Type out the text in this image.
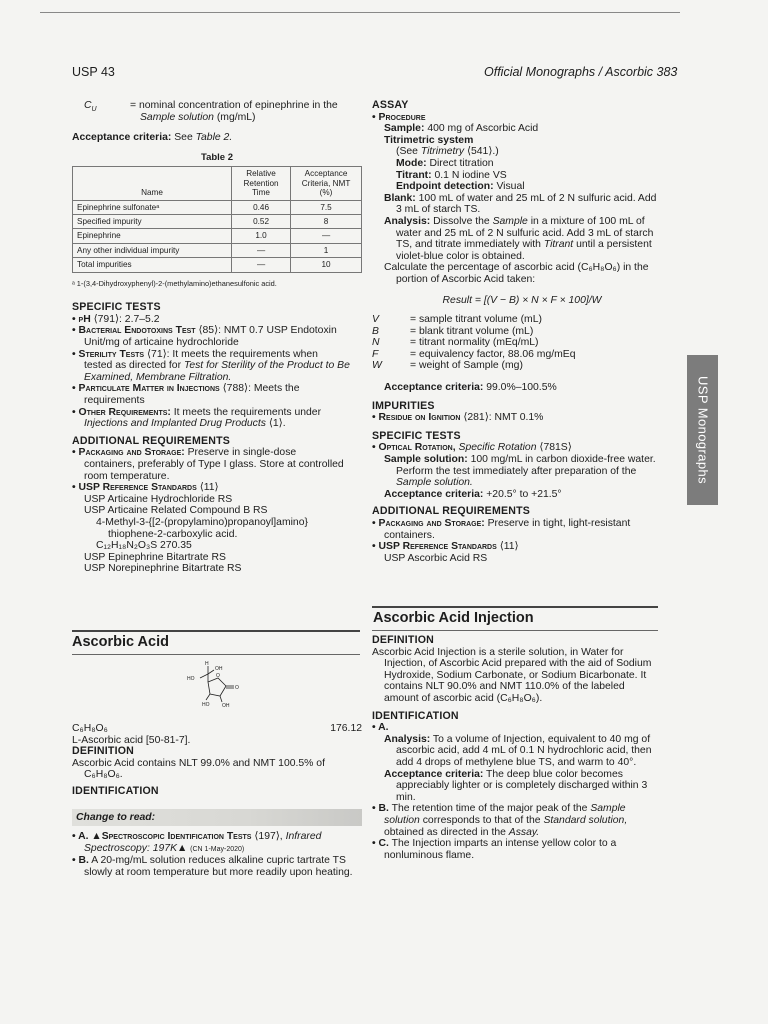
USP 43	Official Monographs / Ascorbic 383
USP Monographs
$C_U$	= nominal concentration of epinephrine in the
Sample solution (mg/mL)

Acceptance criteria: See Table 2.

Table 2

Name	Relative Retention Time	Acceptance Criteria, NMT (%)
Epinephrine sulfonateᵃ	0.46	7.5
Specified impurity	0.52	8
Epinephrine	1.0	—
Any other individual impurity	—	1
Total impurities	—	10

ᵃ 1-(3,4-Dihydroxyphenyl)-2-(methylamino)ethanesulfonic acid.

SPECIFIC TESTS

• pH ⟨791⟩: 2.7–5.2

• Bacterial Endotoxins Test ⟨85⟩: NMT 0.7 USP Endotoxin

Unit/mg of articaine hydrochloride

• Sterility Tests ⟨71⟩: It meets the requirements when

tested as directed for Test for Sterility of the Product to Be

Examined, Membrane Filtration.

• Particulate Matter in Injections ⟨788⟩: Meets the

requirements

• Other Requirements: It meets the requirements under

Injections and Implanted Drug Products ⟨1⟩.

ADDITIONAL REQUIREMENTS

• Packaging and Storage: Preserve in single-dose

containers, preferably of Type I glass. Store at controlled

room temperature.

• USP Reference Standards ⟨11⟩

USP Articaine Hydrochloride RS

USP Articaine Related Compound B RS

4-Methyl-3-{[2-(propylamino)propanoyl]amino}

thiophene-2-carboxylic acid.

C₁₂H₁₈N₂O₃S 270.35

USP Epinephrine Bitartrate RS

USP Norepinephrine Bitartrate RS

Ascorbic Acid
H
OH
HO	O
O
HO	OH
C₆H₈O₆	176.12

L-Ascorbic acid [50-81-7].

DEFINITION

Ascorbic Acid contains NLT 99.0% and NMT 100.5% of

C₆H₈O₆.

IDENTIFICATION

Change to read:

• A. ▲Spectroscopic Identification Tests ⟨197⟩, Infrared

Spectroscopy: 197K▲ (CN 1-May-2020)

• B. A 20-mg/mL solution reduces alkaline cupric tartrate TS

slowly at room temperature but more readily upon heating.

ASSAY

• Procedure

Sample: 400 mg of Ascorbic Acid

Titrimetric system

(See Titrimetry ⟨541⟩.)

Mode: Direct titration

Titrant: 0.1 N iodine VS

Endpoint detection: Visual

Blank: 100 mL of water and 25 mL of 2 N sulfuric acid. Add

3 mL of starch TS.

Analysis: Dissolve the Sample in a mixture of 100 mL of

water and 25 mL of 2 N sulfuric acid. Add 3 mL of starch

TS, and titrate immediately with Titrant until a persistent

violet-blue color is obtained.

Calculate the percentage of ascorbic acid (C₆H₈O₆) in the

portion of Ascorbic Acid taken:

Result = [(V − B) × N × F × 100]/W

V	= sample titrant volume (mL)
B	= blank titrant volume (mL)
N	= titrant normality (mEq/mL)
F	= equivalency factor, 88.06 mg/mEq
W	= weight of Sample (mg)

Acceptance criteria: 99.0%–100.5%

IMPURITIES

• Residue on Ignition ⟨281⟩: NMT 0.1%

SPECIFIC TESTS

• Optical Rotation, Specific Rotation ⟨781S⟩

Sample solution: 100 mg/mL in carbon dioxide-free water.

Perform the test immediately after preparation of the

Sample solution.

Acceptance criteria: +20.5° to +21.5°

ADDITIONAL REQUIREMENTS

• Packaging and Storage: Preserve in tight, light-resistant

containers.

• USP Reference Standards ⟨11⟩

USP Ascorbic Acid RS

Ascorbic Acid Injection

DEFINITION

Ascorbic Acid Injection is a sterile solution, in Water for

Injection, of Ascorbic Acid prepared with the aid of Sodium

Hydroxide, Sodium Carbonate, or Sodium Bicarbonate. It

contains NLT 90.0% and NMT 110.0% of the labeled

amount of ascorbic acid (C₆H₈O₆).

IDENTIFICATION

• A.

Analysis: To a volume of Injection, equivalent to 40 mg of

ascorbic acid, add 4 mL of 0.1 N hydrochloric acid, then

add 4 drops of methylene blue TS, and warm to 40°.

Acceptance criteria: The deep blue color becomes

appreciably lighter or is completely discharged within 3

min.

• B. The retention time of the major peak of the Sample

solution corresponds to that of the Standard solution,

obtained as directed in the Assay.

• C. The Injection imparts an intense yellow color to a

nonluminous flame.
